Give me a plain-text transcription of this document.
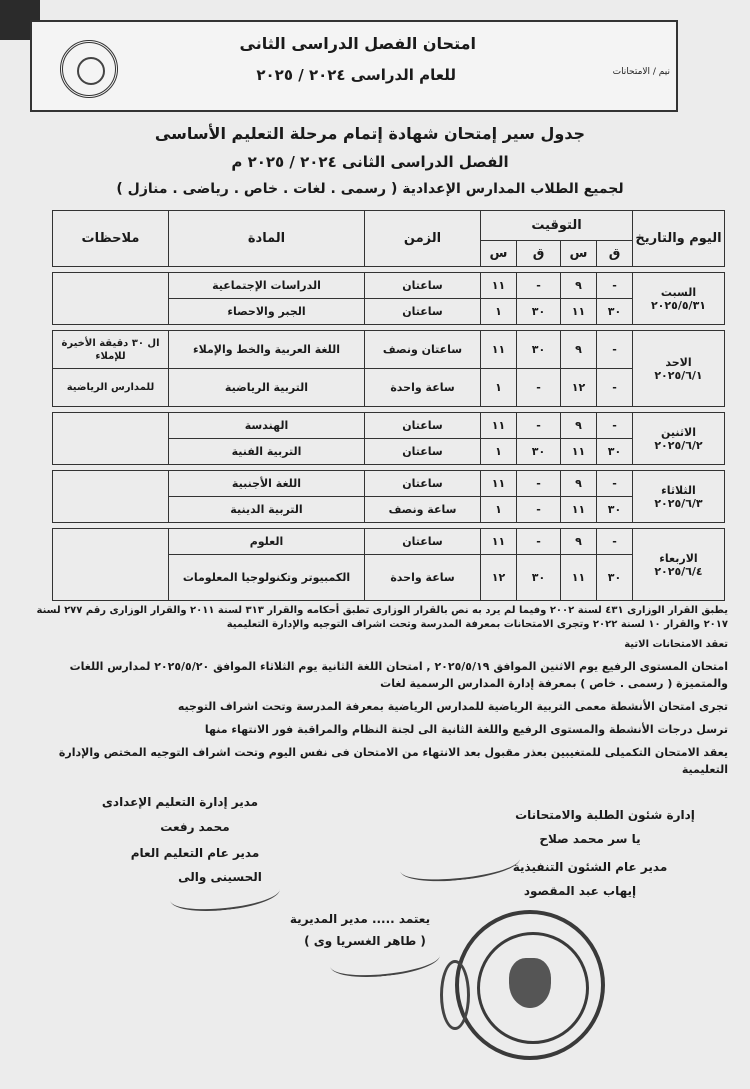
امتحان الفصل الدراسى الثانى
للعام الدراسى ٢٠٢٤ / ٢٠٢٥	نيم / الامتحانات
جدول سير إمتحان شهادة إتمام مرحلة التعليم الأساسى
الفصل الدراسى الثانى ٢٠٢٤ / ٢٠٢٥ م
لجميع الطلاب المدارس الإعدادية ( رسمى . لغات . خاص . رياضى . منازل )
اليوم والتاريخ	التوقيت				الزمن	المادة	ملاحظات
	ق	س	ق	س			

السبت
٢٠٢٥/٥/٣١	-	٩	-	١١	ساعتان	الدراسات الإجتماعية	
	٣٠	١١	٣٠	١	ساعتان	الجبر والاحصاء	

الاحد
٢٠٢٥/٦/١	-	٩	٣٠	١١	ساعتان ونصف	اللغة العربية والخط والإملاء	ال ٣٠ دقيقة الأخيرة للإملاء
	-	١٢	-	١	ساعة واحدة	التربية الرياضية	للمدارس الرياضية

الاثنين
٢٠٢٥/٦/٢	-	٩	-	١١	ساعتان	الهندسة	
	٣٠	١١	٣٠	١	ساعتان	التربية الفنية	

الثلاثاء
٢٠٢٥/٦/٣	-	٩	-	١١	ساعتان	اللغة الأجنبية	
	٣٠	١١	-	١	ساعة ونصف	التربية الدينية	

الاربعاء
٢٠٢٥/٦/٤	-	٩	-	١١	ساعتان	العلوم	
	٣٠	١١	٣٠	١٢	ساعة واحدة	الكمبيوتر وتكنولوجيا المعلومات	

يطبق القرار الوزارى ٤٣١ لسنة ٢٠٠٢ وفيما لم يرد به نص بالقرار الوزارى تطبق أحكامه والقرار ٣١٣ لسنة ٢٠١١ والقرار الوزارى رقم ٢٧٧ لسنة ٢٠١٧ والقرار ١٠ لسنة ٢٠٢٢ وتجرى الامتحانات بمعرفة المدرسة وتحت اشراف التوجيه والإدارة التعليمية

تعقد الامتحانات الاتية

امتحان المستوى الرفيع يوم الاثنين الموافق ٢٠٢٥/٥/١٩ , امتحان اللغة الثانية يوم الثلاثاء الموافق ٢٠٢٥/٥/٢٠ لمدارس اللغات والمتميزة ( رسمى . خاص ) بمعرفة إدارة المدارس الرسمية لغات

تجرى امتحان الأنشطة معمى التربية الرياضية للمدارس الرياضية بمعرفة المدرسة وتحت اشراف التوجيه

ترسل درجات الأنشطة والمستوى الرفيع واللغة الثانية الى لجنة النظام والمراقبة فور الانتهاء منها

يعقد الامتحان التكميلى للمتغيبين بعذر مقبول بعد الانتهاء من الامتحان فى نفس اليوم وتحت اشراف التوجيه المختص والإدارة التعليمية

إدارة شئون الطلبة والامتحانات
يا سر محمد صلاح
مدير عام الشئون التنفيذية
إيهاب عبد المقصود
مدير إدارة التعليم الإعدادى
محمد رفعت
مدير عام التعليم العام
الحسينى والى
يعتمد ..... مدير المديرية
( طاهر الغسريا وى )
